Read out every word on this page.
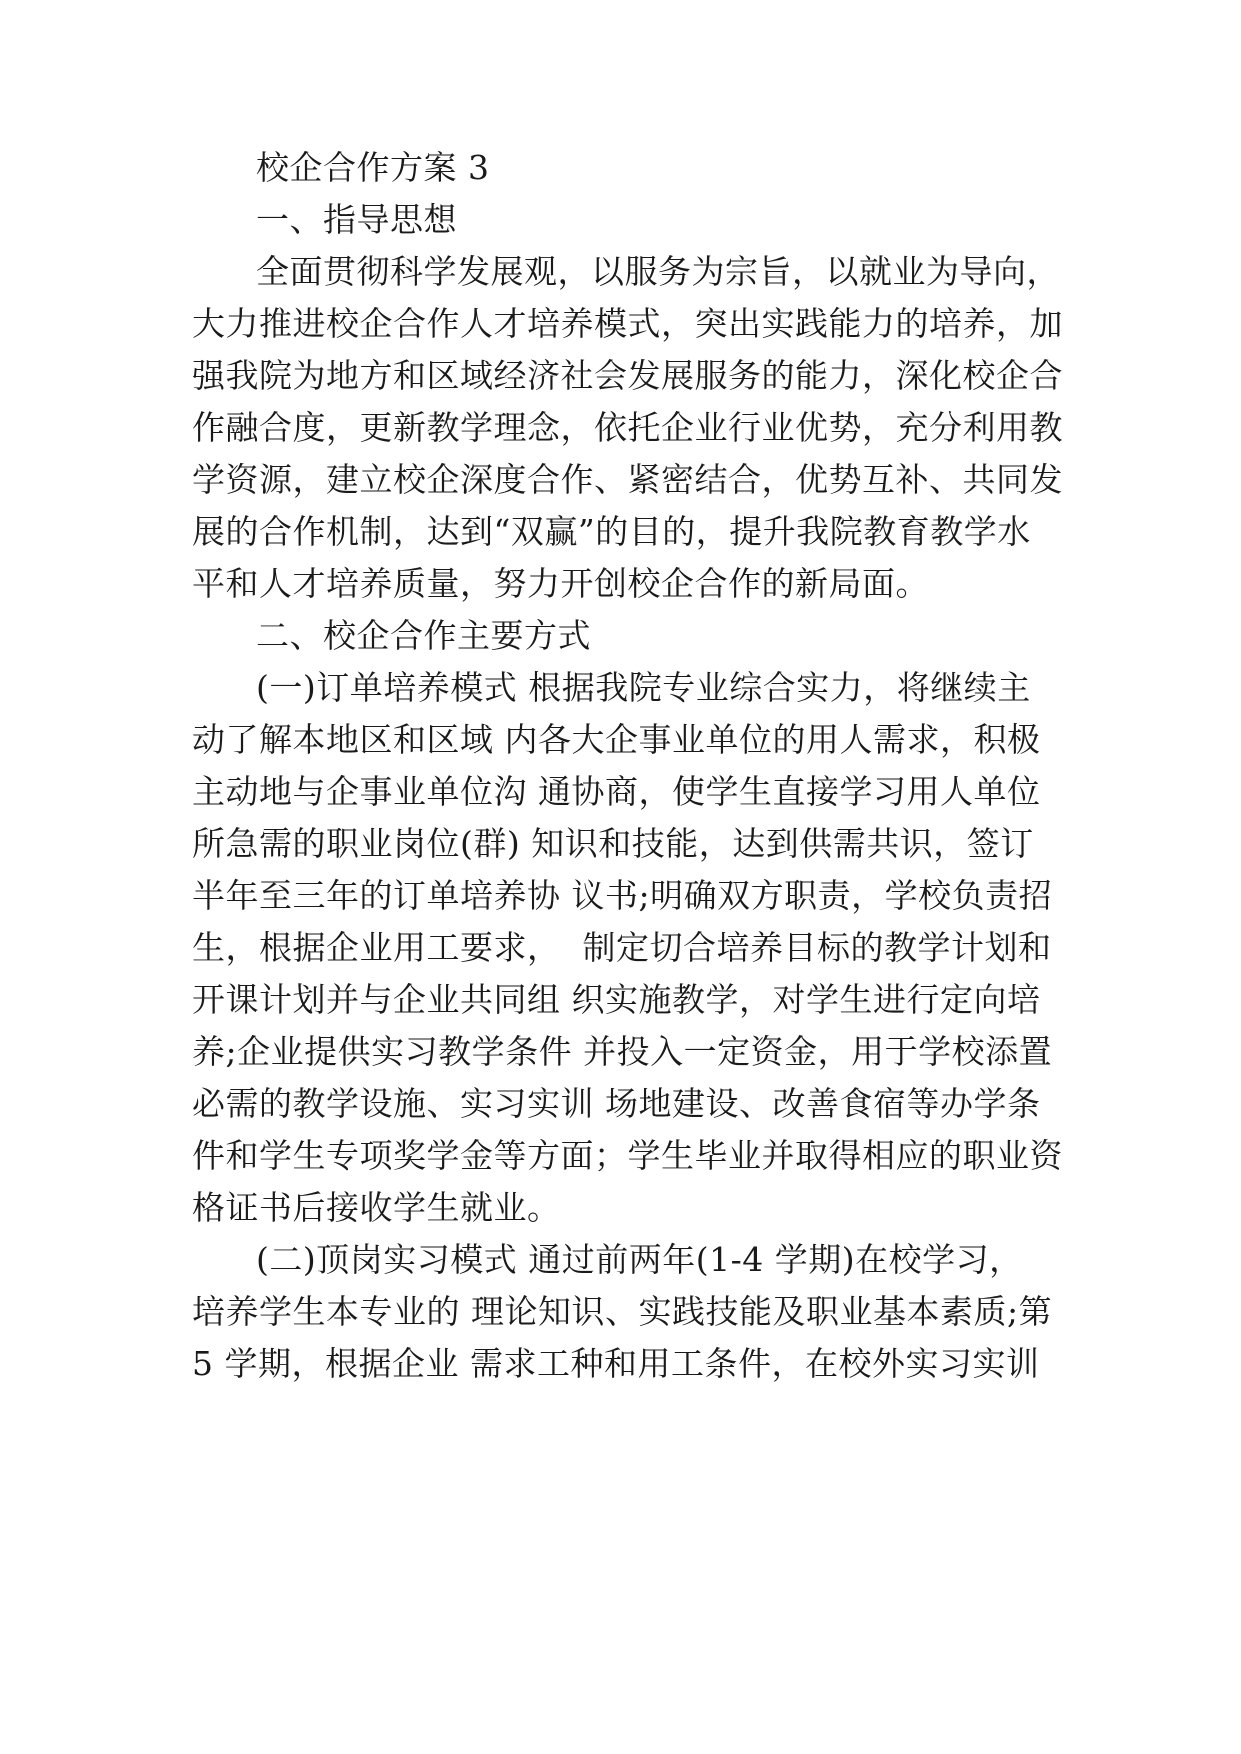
校企合作方案 3
一、指导思想
全面贯彻科学发展观，以服务为宗旨，以就业为导向，
大力推进校企合作人才培养模式，突出实践能力的培养，加
强我院为地方和区域经济社会发展服务的能力，深化校企合
作融合度，更新教学理念，依托企业行业优势，充分利用教
学资源，建立校企深度合作、紧密结合，优势互补、共同发
展的合作机制，达到“双赢”的目的，提升我院教育教学水
平和人才培养质量，努力开创校企合作的新局面。
二、校企合作主要方式
(一)订单培养模式 根据我院专业综合实力，将继续主
动了解本地区和区域 内各大企事业单位的用人需求，积极
主动地与企事业单位沟 通协商，使学生直接学习用人单位
所急需的职业岗位(群) 知识和技能，达到供需共识，签订
半年至三年的订单培养协 议书;明确双方职责，学校负责招
生，根据企业用工要求，  制定切合培养目标的教学计划和
开课计划并与企业共同组 织实施教学，对学生进行定向培
养;企业提供实习教学条件 并投入一定资金，用于学校添置
必需的教学设施、实习实训 场地建设、改善食宿等办学条
件和学生专项奖学金等方面；学生毕业并取得相应的职业资
格证书后接收学生就业。
(二)顶岗实习模式 通过前两年(1-4 学期)在校学习，
培养学生本专业的 理论知识、实践技能及职业基本素质;第
5 学期，根据企业 需求工种和用工条件，在校外实习实训
